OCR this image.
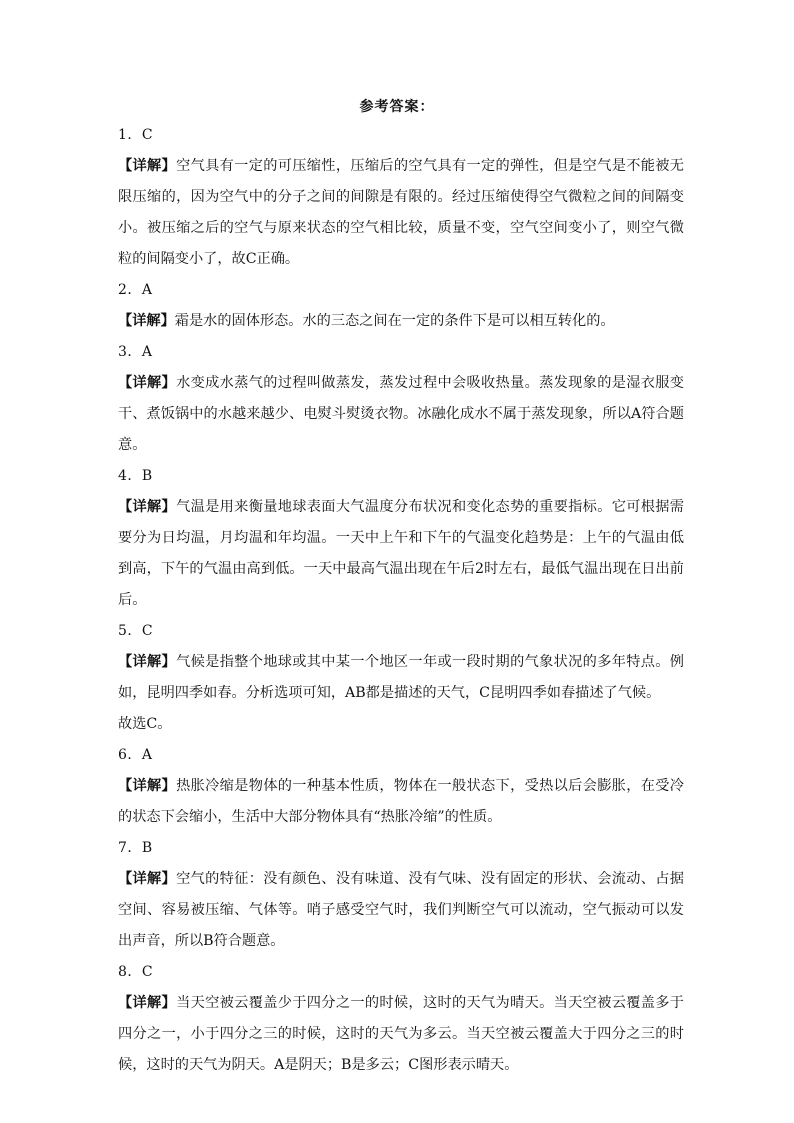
参考答案：
1．C
【详解】空气具有一定的可压缩性，压缩后的空气具有一定的弹性，但是空气是不能被无限压缩的，因为空气中的分子之间的间隙是有限的。经过压缩使得空气微粒之间的间隔变小。被压缩之后的空气与原来状态的空气相比较，质量不变，空气空间变小了，则空气微粒的间隔变小了，故C正确。
2．A
【详解】霜是水的固体形态。水的三态之间在一定的条件下是可以相互转化的。
3．A
【详解】水变成水蒸气的过程叫做蒸发，蒸发过程中会吸收热量。蒸发现象的是湿衣服变干、煮饭锅中的水越来越少、电熨斗熨烫衣物。冰融化成水不属于蒸发现象，所以A符合题意。
4．B
【详解】气温是用来衡量地球表面大气温度分布状况和变化态势的重要指标。它可根据需要分为日均温，月均温和年均温。一天中上午和下午的气温变化趋势是：上午的气温由低到高，下午的气温由高到低。一天中最高气温出现在午后2时左右，最低气温出现在日出前后。
5．C
【详解】气候是指整个地球或其中某一个地区一年或一段时期的气象状况的多年特点。例如，昆明四季如春。分析选项可知，AB都是描述的天气，C昆明四季如春描述了气候。
故选C。
6．A
【详解】热胀冷缩是物体的一种基本性质，物体在一般状态下，受热以后会膨胀，在受冷的状态下会缩小，生活中大部分物体具有“热胀冷缩”的性质。
7．B
【详解】空气的特征：没有颜色、没有味道、没有气味、没有固定的形状、会流动、占据空间、容易被压缩、气体等。哨子感受空气时，我们判断空气可以流动，空气振动可以发出声音，所以B符合题意。
8．C
【详解】当天空被云覆盖少于四分之一的时候，这时的天气为晴天。当天空被云覆盖多于四分之一，小于四分之三的时候，这时的天气为多云。当天空被云覆盖大于四分之三的时候，这时的天气为阴天。A是阴天；B是多云；C图形表示晴天。
